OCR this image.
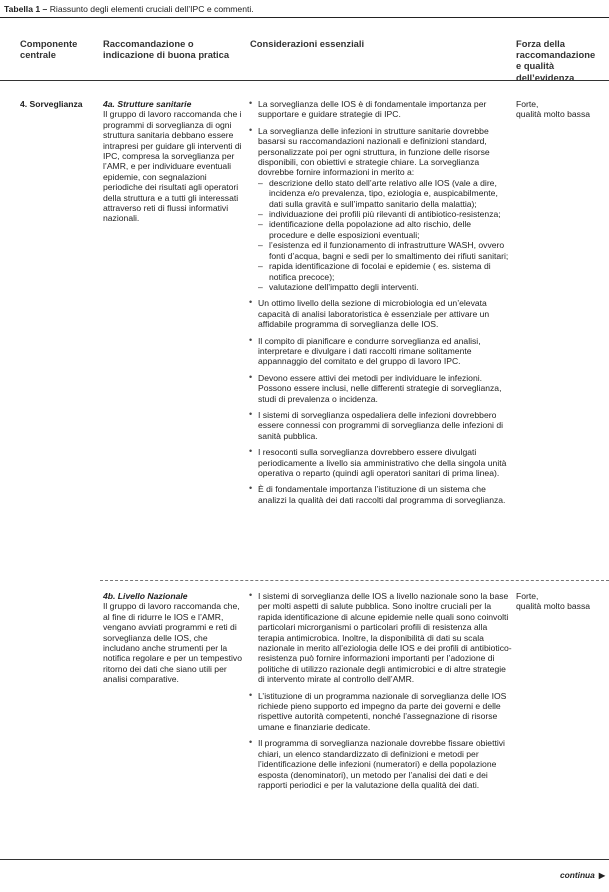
Tabella 1 – Riassunto degli elementi cruciali dell’IPC e commenti.
Componente
centrale
Raccomandazione o
indicazione di buona pratica
Considerazioni essenziali	Forza della
raccomandazione
e qualità
dell’evidenza
4. Sorveglianza	4a. Strutture sanitarie
Il gruppo di lavoro raccomanda che i programmi di sorveglianza di ogni struttura sanitaria debbano essere intrapresi per guidare gli interventi di IPC, compresa la sorveglianza per l’AMR, e per individuare eventuali epidemie, con segnalazioni periodiche dei risultati agli operatori della struttura e a tutti gli interessati attraverso reti di flussi informativi nazionali.
• La sorveglianza delle IOS è di fondamentale importanza per supportare e guidare strategie di IPC.
• La sorveglianza delle infezioni in strutture sanitarie dovrebbe basarsi su raccomandazioni nazionali e definizioni standard, personalizzate poi per ogni struttura, in funzione delle risorse disponibili, con obiettivi e strategie chiare. La sorveglianza dovrebbe fornire informazioni in merito a:
– descrizione dello stato dell’arte relativo alle IOS (vale a dire, incidenza e/o prevalenza, tipo, eziologia e, auspicabilmente, dati sulla gravità e sull’impatto sanitario della malattia);
– individuazione dei profili più rilevanti di antibiotico-resistenza;
– identificazione della popolazione ad alto rischio, delle procedure e delle esposizioni eventuali;
– l’esistenza ed il funzionamento di infrastrutture WASH, ovvero fonti d’acqua, bagni e sedi per lo smaltimento dei rifiuti sanitari;
– rapida identificazione di focolai e epidemie ( es. sistema di notifica precoce);
– valutazione dell’impatto degli interventi.
• Un ottimo livello della sezione di microbiologia ed un’elevata capacità di analisi laboratoristica è essenziale per attivare un affidabile programma di sorveglianza delle IOS.
• Il compito di pianificare e condurre sorveglianza ed analisi, interpretare e divulgare i dati raccolti rimane solitamente appannaggio del comitato e del gruppo di lavoro IPC.
• Devono essere attivi dei metodi per individuare le infezioni. Possono essere inclusi, nelle differenti strategie di sorveglianza, studi di prevalenza o incidenza.
• I sistemi di sorveglianza ospedaliera delle infezioni dovrebbero essere connessi con programmi di sorveglianza delle infezioni di sanità pubblica.
• I resoconti sulla sorveglianza dovrebbero essere divulgati periodicamente a livello sia amministrativo che della singola unità operativa o reparto (quindi agli operatori sanitari di prima linea).
• È di fondamentale importanza l’istituzione di un sistema che analizzi la qualità dei dati raccolti dal programma di sorveglianza.
Forte,
qualità molto bassa
4b. Livello Nazionale
Il gruppo di lavoro raccomanda che, al fine di ridurre le IOS e l’AMR, vengano avviati programmi e reti di sorveglianza delle IOS, che includano anche strumenti per la notifica regolare e per un tempestivo ritorno dei dati che siano utili per analisi comparative.
• I sistemi di sorveglianza delle IOS a livello nazionale sono la base per molti aspetti di salute pubblica. Sono inoltre cruciali per la rapida identificazione di alcune epidemie nelle quali sono coinvolti particolari microrganismi o particolari profili di resistenza alla terapia antimicrobica. Inoltre, la disponibilità di dati su scala nazionale in merito all’eziologia delle IOS e dei profili di antibiotico-resistenza può fornire informazioni importanti per l’adozione di politiche di utilizzo razionale degli antimicrobici e di altre strategie di intervento mirate al controllo dell’AMR.
• L’istituzione di un programma nazionale di sorveglianza delle IOS richiede pieno supporto ed impegno da parte dei governi e delle rispettive autorità competenti, nonché l’assegnazione di risorse umane e finanziarie dedicate.
• Il programma di sorveglianza nazionale dovrebbe fissare obiettivi chiari, un elenco standardizzato di definizioni e metodi per l’identificazione delle infezioni (numeratori) e della popolazione esposta (denominatori), un metodo per l’analisi dei dati e dei rapporti periodici e per la valutazione della qualità dei dati.
Forte,
qualità molto bassa
continua ▶
